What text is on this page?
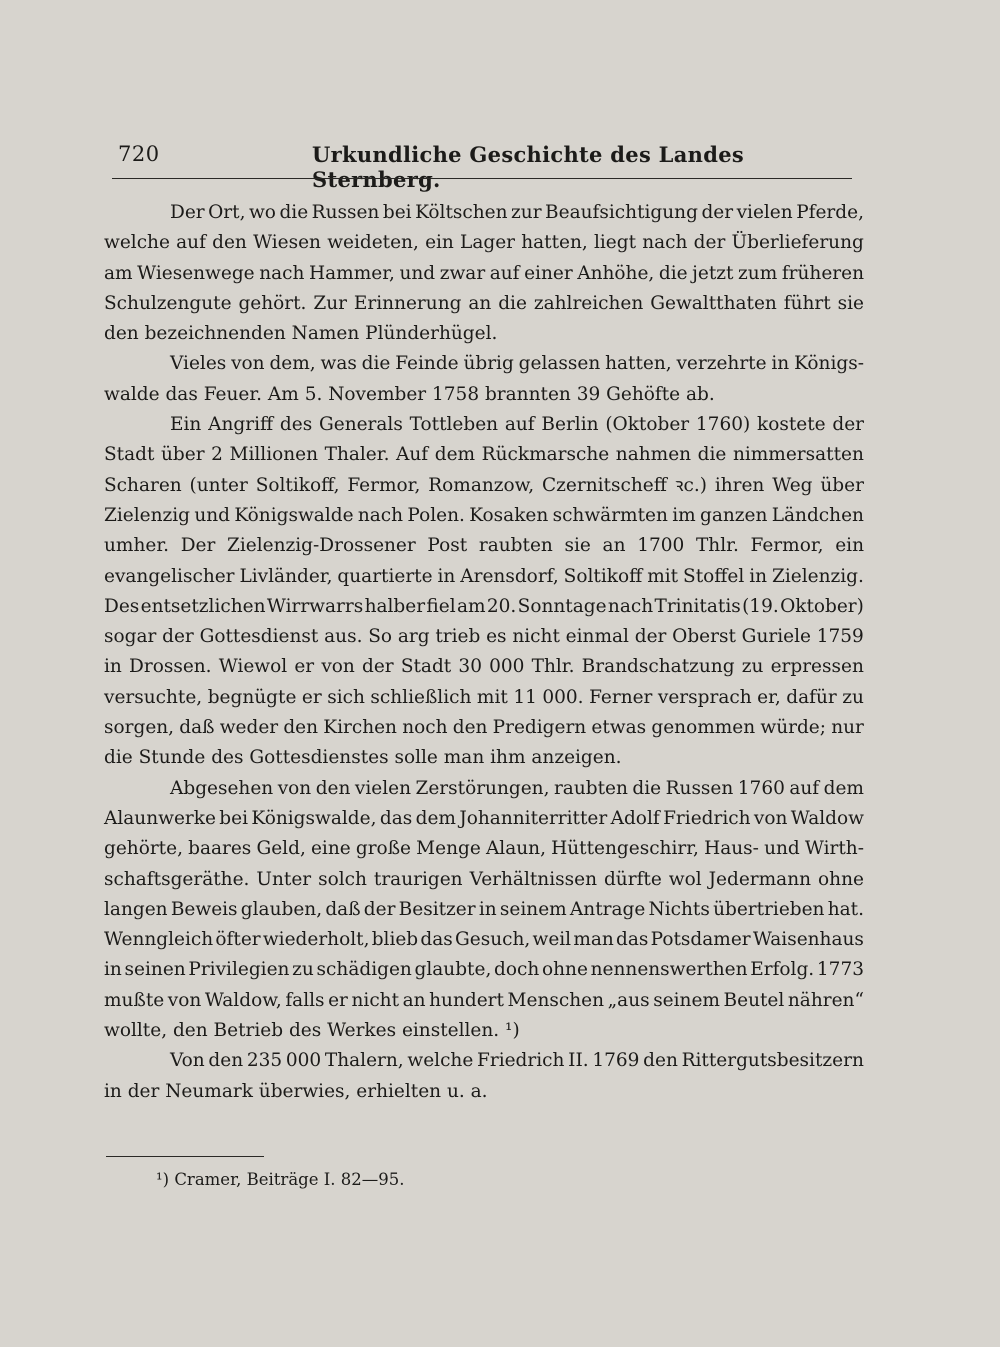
720	Urkundliche Geschichte des Landes Sternberg.
Der Ort, wo die Russen bei Költschen zur Beaufsichtigung der vielen Pferde,
welche auf den Wiesen weideten, ein Lager hatten, liegt nach der Überlieferung
am Wiesenwege nach Hammer, und zwar auf einer Anhöhe, die jetzt zum früheren
Schulzengute gehört. Zur Erinnerung an die zahlreichen Gewaltthaten führt sie
den bezeichnenden Namen Plünderhügel.
Vieles von dem, was die Feinde übrig gelassen hatten, verzehrte in Königs-
walde das Feuer. Am 5. November 1758 brannten 39 Gehöfte ab.
Ein Angriff des Generals Tottleben auf Berlin (Oktober 1760) kostete der
Stadt über 2 Millionen Thaler. Auf dem Rückmarsche nahmen die nimmersatten
Scharen (unter Soltikoff, Fermor, Romanzow, Czernitscheff ꝛc.) ihren Weg über
Zielenzig und Königswalde nach Polen. Kosaken schwärmten im ganzen Ländchen
umher. Der Zielenzig-Drossener Post raubten sie an 1700 Thlr. Fermor, ein
evangelischer Livländer, quartierte in Arensdorf, Soltikoff mit Stoffel in Zielenzig.
Des entsetzlichen Wirrwarrs halber fiel am 20. Sonntage nach Trinitatis (19. Oktober)
sogar der Gottesdienst aus. So arg trieb es nicht einmal der Oberst Guriele 1759
in Drossen. Wiewol er von der Stadt 30 000 Thlr. Brandschatzung zu erpressen
versuchte, begnügte er sich schließlich mit 11 000. Ferner versprach er, dafür zu
sorgen, daß weder den Kirchen noch den Predigern etwas genommen würde; nur
die Stunde des Gottesdienstes solle man ihm anzeigen.
Abgesehen von den vielen Zerstörungen, raubten die Russen 1760 auf dem
Alaunwerke bei Königswalde, das dem Johanniterritter Adolf Friedrich von Waldow
gehörte, baares Geld, eine große Menge Alaun, Hüttengeschirr, Haus- und Wirth-
schaftsgeräthe. Unter solch traurigen Verhältnissen dürfte wol Jedermann ohne
langen Beweis glauben, daß der Besitzer in seinem Antrage Nichts übertrieben hat.
Wenngleich öfter wiederholt, blieb das Gesuch, weil man das Potsdamer Waisenhaus
in seinen Privilegien zu schädigen glaubte, doch ohne nennenswerthen Erfolg. 1773
mußte von Waldow, falls er nicht an hundert Menschen „aus seinem Beutel nähren“
wollte, den Betrieb des Werkes einstellen. ¹)
Von den 235 000 Thalern, welche Friedrich II. 1769 den Rittergutsbesitzern
in der Neumark überwies, erhielten u. a.
¹) Cramer, Beiträge I. 82—95.
